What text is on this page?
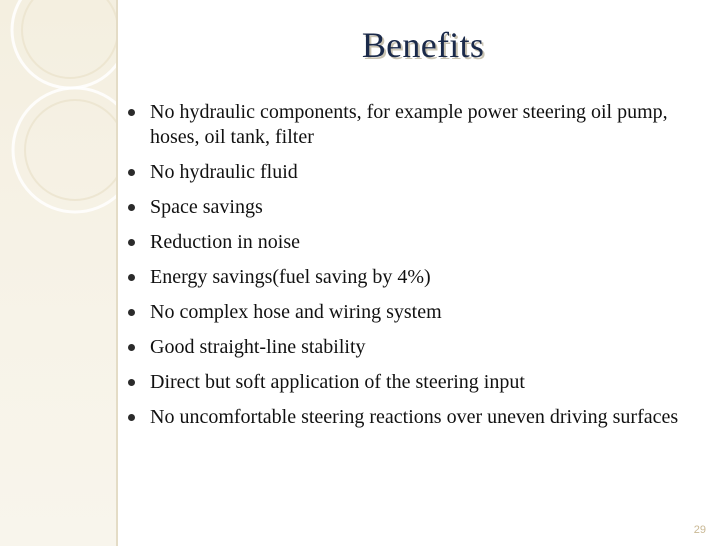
Benefits
No hydraulic components, for example power steering oil pump, hoses, oil tank, filter
No hydraulic fluid
Space savings
Reduction in noise
Energy savings(fuel saving by 4%)
No complex hose and wiring system
Good straight-line stability
Direct but soft application of the steering input
No uncomfortable steering reactions over uneven driving surfaces
29
